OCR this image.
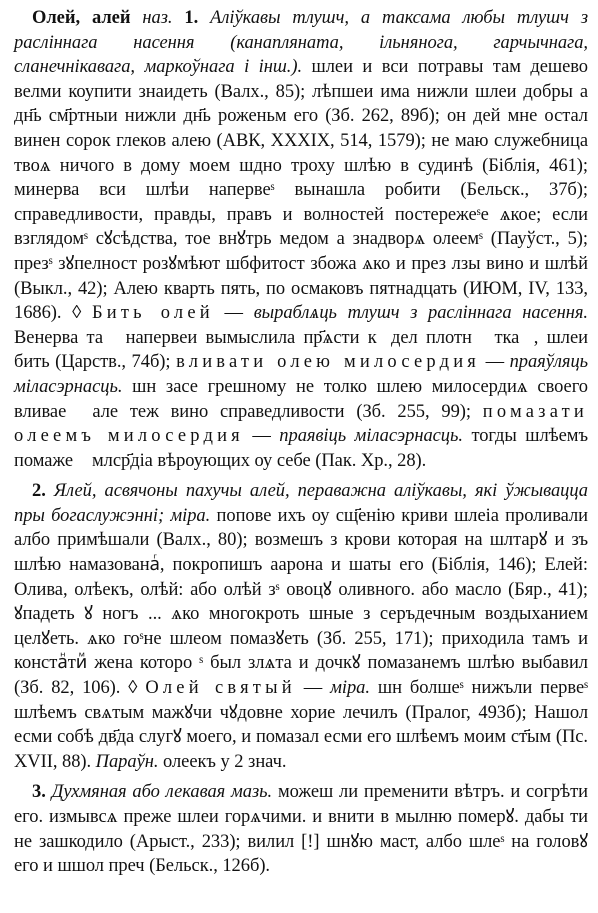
Олей, алей наз. 1. Аліўкавы тлушч, а таксама любы тлушч з расліннага насення (канапляната, ільнянога, гарчычнага, сланечнікавага, маркоўнага і інш.). шлеи и вси потравы там дешево велми коупити знаидеть (Валх., 85); лѣпшеи има нижли шлеи добры а дн҃ь см҃ртныи нижли дн҃ь роженьм его (Зб. 262, 89б); он дей мне остал винен сорок глеков алею (АВК, XXXIX, 514, 1579); не маю служебница твоѧ ничого в дому моем шдно троху шлѣю в судинѣ (Біблія, 461); минерва вси шлѣи напервеˢ вынашла робити (Бельск., 37б); справедливости, правды, правъ и волностей постережеˢе ѧкое; если взглядомˢ сꙋсѣдства, тое внꙋтрь медом а знадворѧ олеемˢ (Пауўст., 5); презˢ зꙋпелност розꙋмѣют шбфитост збожа ѧко и през лзы вино и шлѣй (Выкл., 42); Алею кварть пять, по осмаковъ пятнадцать (ИЮМ, IV, 133, 1686). ◊ Бить олей — выраблѧць тлушч з расліннага насення. Венерва таⷨ напервеи вымыслила пр҃ѧсти кꙋдел плотнꙋ ткаⷮ, шлеи бить (Царств., 74б); вливати олею милосердия — праяўляць міласэрнасць. шн засе грешному не толко шлею милосердиѧ своего вливаеⷮ але теж вино справедливости (Зб. 255, 99); помазати олеемъ милосердия — праявіць міласэрнасць. тогды шлѣемъ помажеⷮ млср҃діа вѣроующих оу себе (Пак. Хр., 28).

2. Ялей, асвячоны пахучы алей, пераважна аліўкавы, які ўжывацца пры богаслужэнні; міра. попове ихъ оу сщ҃енію криви шлеіа проливали албо примѣшали (Валх., 80); возмешъ з крови которая на шлтарꙋ и зъ шлѣю намазованаⷢ, покропишъ аарона и шаты его (Біблія, 146); Елей: Олива, олѣекъ, олѣй: або олѣй зˢ овоцꙋ оливного. або масло (Бяр., 41); ꙋпадеть ꙋ ногъ ... ѧко многокроть шные з серъдечным воздыханием целꙋеть. ѧко гоˢне шлеом помазꙋеть (Зб. 255, 171); приходила тамъ и констаⷩтиⷨ жена которо ˢ был злѧта и дочкꙋ помазанемъ шлѣю выбавил (Зб. 82, 106). ◊ Олей святый — міра. шн болшеˢ нижъли первеˢ шлѣемъ свѧтым мажꙋчи чꙋдовне хорие лечилъ (Пралог, 493б); Нашол есми собѣ дв҃да слугꙋ моего, и помазал есми его шлѣемъ моим ст҃ым (Пс. XVII, 88). Параўн. олеекъ у 2 знач.

3. Духмяная або лекавая мазь. можеш ли пременити вѣтръ. и согрѣти его. измывсѧ преже шлеи горѧчими. и внити в мылню померꙋ. дабы ти не зашкодило (Арыст., 233); вилил [!] шнꙋю маст, албо шлеˢ на головꙋ его и шшол преч (Бельск., 126б).
